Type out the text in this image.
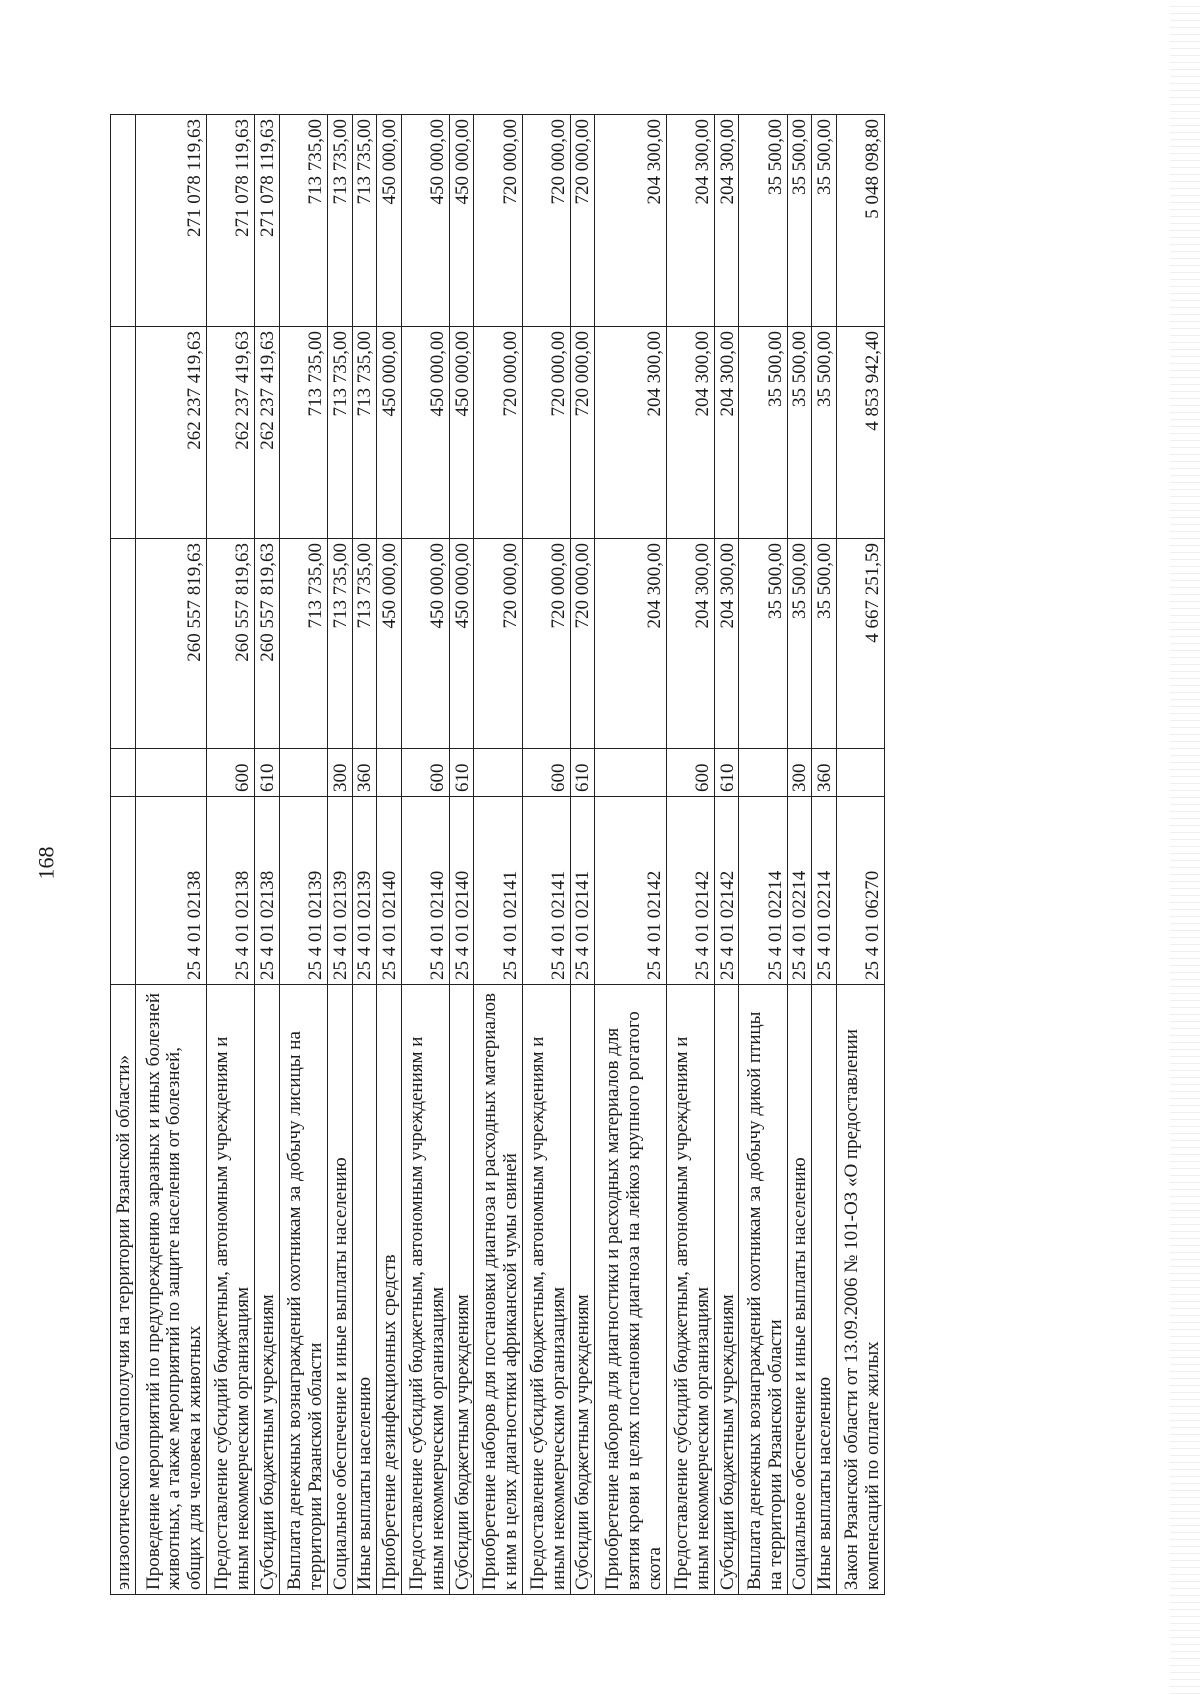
168
эпизоотического благополучия на территории Рязанской области»					
Проведение мероприятий по предупреждению заразных и иных болезней животных, а также мероприятий по защите населения от болезней, общих для человека и животных	25 4 01 02138		260 557 819,63	262 237 419,63	271 078 119,63
Предоставление субсидий бюджетным, автономным учреждениям и иным некоммерческим организациям	25 4 01 02138	600	260 557 819,63	262 237 419,63	271 078 119,63
Субсидии бюджетным учреждениям	25 4 01 02138	610	260 557 819,63	262 237 419,63	271 078 119,63
Выплата денежных вознаграждений охотникам за добычу лисицы на территории Рязанской области	25 4 01 02139		713 735,00	713 735,00	713 735,00
Социальное обеспечение и иные выплаты населению	25 4 01 02139	300	713 735,00	713 735,00	713 735,00
Иные выплаты населению	25 4 01 02139	360	713 735,00	713 735,00	713 735,00
Приобретение дезинфекционных средств	25 4 01 02140		450 000,00	450 000,00	450 000,00
Предоставление субсидий бюджетным, автономным учреждениям и иным некоммерческим организациям	25 4 01 02140	600	450 000,00	450 000,00	450 000,00
Субсидии бюджетным учреждениям	25 4 01 02140	610	450 000,00	450 000,00	450 000,00
Приобретение наборов для постановки диагноза и расходных материалов к ним в целях диагностики африканской чумы свиней	25 4 01 02141		720 000,00	720 000,00	720 000,00
Предоставление субсидий бюджетным, автономным учреждениям и иным некоммерческим организациям	25 4 01 02141	600	720 000,00	720 000,00	720 000,00
Субсидии бюджетным учреждениям	25 4 01 02141	610	720 000,00	720 000,00	720 000,00
Приобретение наборов для диагностики и расходных материалов для взятия крови в целях постановки диагноза на лейкоз крупного рогатого скота	25 4 01 02142		204 300,00	204 300,00	204 300,00
Предоставление субсидий бюджетным, автономным учреждениям и иным некоммерческим организациям	25 4 01 02142	600	204 300,00	204 300,00	204 300,00
Субсидии бюджетным учреждениям	25 4 01 02142	610	204 300,00	204 300,00	204 300,00
Выплата денежных вознаграждений охотникам за добычу дикой птицы на территории Рязанской области	25 4 01 02214		35 500,00	35 500,00	35 500,00
Социальное обеспечение и иные выплаты населению	25 4 01 02214	300	35 500,00	35 500,00	35 500,00
Иные выплаты населению	25 4 01 02214	360	35 500,00	35 500,00	35 500,00
Закон Рязанской области от 13.09.2006 № 101-ОЗ «О предоставлении компенсаций по оплате жилых	25 4 01 06270		4 667 251,59	4 853 942,40	5 048 098,80
